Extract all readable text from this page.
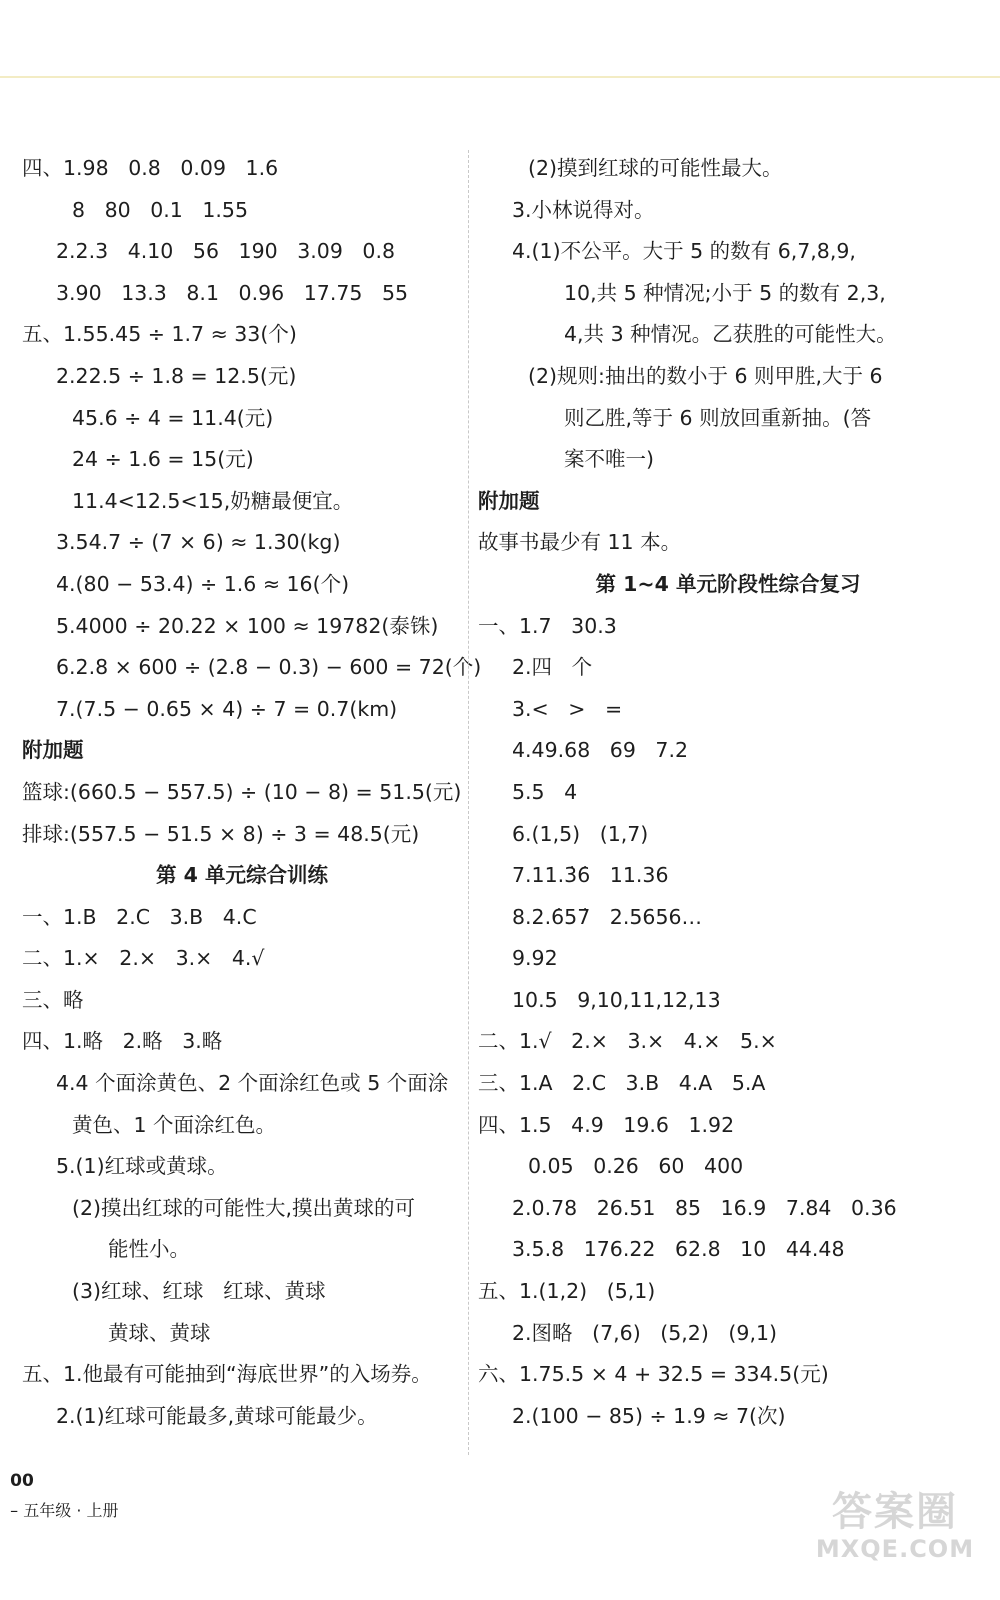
四、1.98   0.8   0.09   1.6
8   80   0.1   1.55
2.2.3   4.10   56   190   3.09   0.8
3.90   13.3   8.1   0.96   17.75   55
五、1.55.45 ÷ 1.7 ≈ 33(个)
2.22.5 ÷ 1.8 = 12.5(元)
45.6 ÷ 4 = 11.4(元)
24 ÷ 1.6 = 15(元)
11.4<12.5<15,奶糖最便宜。
3.54.7 ÷ (7 × 6) ≈ 1.30(kg)
4.(80 − 53.4) ÷ 1.6 ≈ 16(个)
5.4000 ÷ 20.22 × 100 ≈ 19782(泰铢)
6.2.8 × 600 ÷ (2.8 − 0.3) − 600 = 72(个)
7.(7.5 − 0.65 × 4) ÷ 7 = 0.7(km)
附加题
篮球:(660.5 − 557.5) ÷ (10 − 8) = 51.5(元)
排球:(557.5 − 51.5 × 8) ÷ 3 = 48.5(元)
第 4 单元综合训练
一、1.B   2.C   3.B   4.C
二、1.×   2.×   3.×   4.√
三、略
四、1.略   2.略   3.略
4.4 个面涂黄色、2 个面涂红色或 5 个面涂
黄色、1 个面涂红色。
5.(1)红球或黄球。
(2)摸出红球的可能性大,摸出黄球的可
能性小。
(3)红球、红球   红球、黄球
黄球、黄球
五、1.他最有可能抽到“海底世界”的入场券。
2.(1)红球可能最多,黄球可能最少。
(2)摸到红球的可能性最大。
3.小林说得对。
4.(1)不公平。大于 5 的数有 6,7,8,9,
10,共 5 种情况;小于 5 的数有 2,3,
4,共 3 种情况。乙获胜的可能性大。
(2)规则:抽出的数小于 6 则甲胜,大于 6
则乙胜,等于 6 则放回重新抽。(答
案不唯一)
附加题
故事书最少有 11 本。
第 1~4 单元阶段性综合复习
一、1.7   30.3
2.四   个
3.<   >   =
4.49.68   69   7.2
5.5   4
6.(1,5)   (1,7)
7.11.3̇6̇   11.36
8.2.6̇57̇   2.5656…
9.92
10.5   9,10,11,12,13
二、1.√   2.×   3.×   4.×   5.×
三、1.A   2.C   3.B   4.A   5.A
四、1.5   4.9   19.6   1.92
0.05   0.26   60   400
2.0.78   26.51   85   16.9   7.84   0.36̇
3.5.8   176.22   62.8   10   44.48
五、1.(1,2)   (5,1)
2.图略   (7,6)   (5,2)   (9,1)
六、1.75.5 × 4 + 32.5 = 334.5(元)
2.(100 − 85) ÷ 1.9 ≈ 7(次)

00
– 五年级 · 上册	答案圈
MXQE.COM
